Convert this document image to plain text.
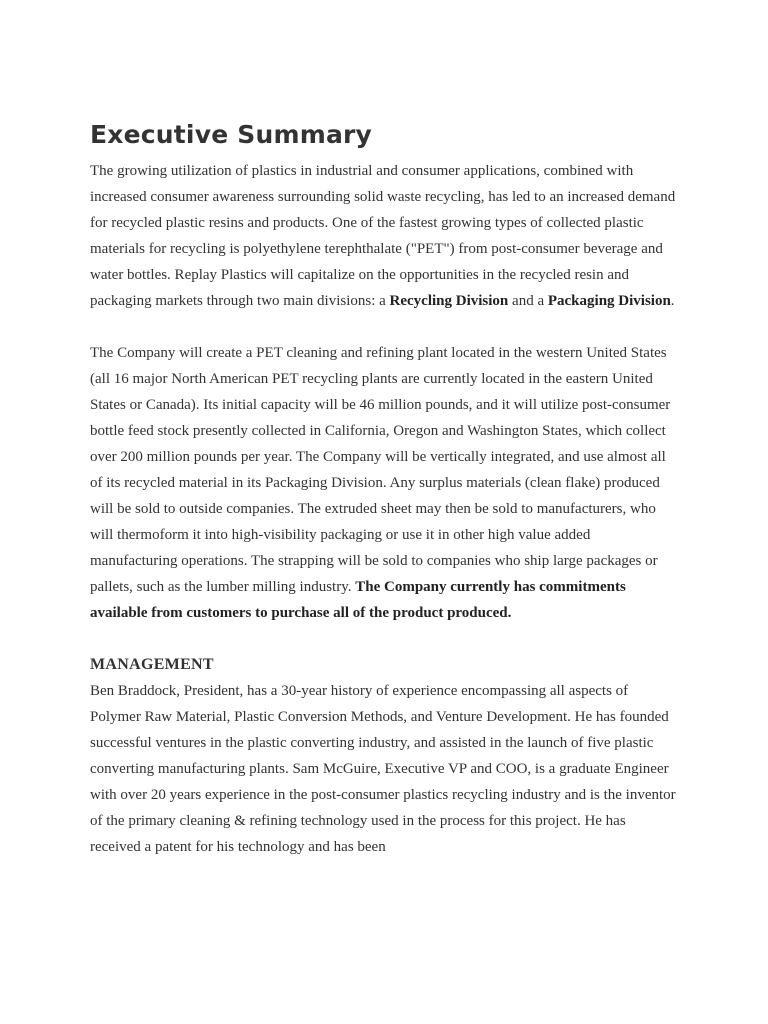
Executive Summary

The growing utilization of plastics in industrial and consumer applications, combined with increased consumer awareness surrounding solid waste recycling, has led to an increased demand for recycled plastic resins and products. One of the fastest growing types of collected plastic materials for recycling is polyethylene terephthalate ("PET") from post-consumer beverage and water bottles. Replay Plastics will capitalize on the opportunities in the recycled resin and packaging markets through two main divisions: a Recycling Division and a Packaging Division.

The Company will create a PET cleaning and refining plant located in the western United States (all 16 major North American PET recycling plants are currently located in the eastern United States or Canada). Its initial capacity will be 46 million pounds, and it will utilize post-consumer bottle feed stock presently collected in California, Oregon and Washington States, which collect over 200 million pounds per year. The Company will be vertically integrated, and use almost all of its recycled material in its Packaging Division. Any surplus materials (clean flake) produced will be sold to outside companies. The extruded sheet may then be sold to manufacturers, who will thermoform it into high-visibility packaging or use it in other high value added manufacturing operations. The strapping will be sold to companies who ship large packages or pallets, such as the lumber milling industry. The Company currently has commitments available from customers to purchase all of the product produced.

MANAGEMENT

Ben Braddock, President, has a 30-year history of experience encompassing all aspects of Polymer Raw Material, Plastic Conversion Methods, and Venture Development. He has founded successful ventures in the plastic converting industry, and assisted in the launch of five plastic converting manufacturing plants. Sam McGuire, Executive VP and COO, is a graduate Engineer with over 20 years experience in the post-consumer plastics recycling industry and is the inventor of the primary cleaning & refining technology used in the process for this project. He has received a patent for his technology and has been
